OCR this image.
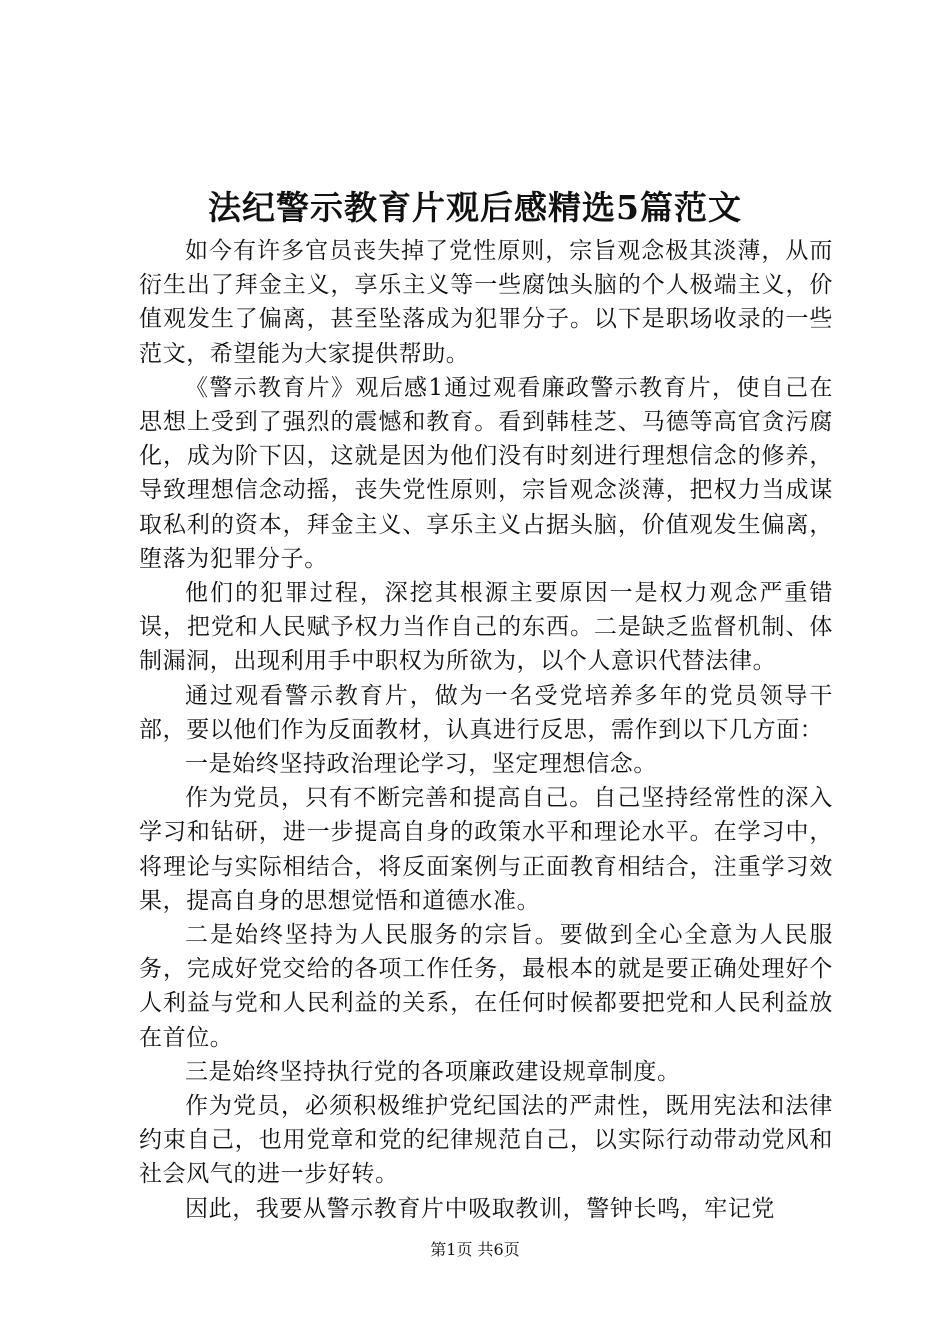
法纪警示教育片观后感精选5篇范文

如今有许多官员丧失掉了党性原则，宗旨观念极其淡薄，从而衍生出了拜金主义，享乐主义等一些腐蚀头脑的个人极端主义，价值观发生了偏离，甚至坠落成为犯罪分子。以下是职场收录的一些范文，希望能为大家提供帮助。

《警示教育片》观后感1通过观看廉政警示教育片，使自己在思想上受到了强烈的震憾和教育。看到韩桂芝、马德等高官贪污腐化，成为阶下囚，这就是因为他们没有时刻进行理想信念的修养，导致理想信念动摇，丧失党性原则，宗旨观念淡薄，把权力当成谋取私利的资本，拜金主义、享乐主义占据头脑，价值观发生偏离，堕落为犯罪分子。

他们的犯罪过程，深挖其根源主要原因一是权力观念严重错误，把党和人民赋予权力当作自己的东西。二是缺乏监督机制、体制漏洞，出现利用手中职权为所欲为，以个人意识代替法律。

通过观看警示教育片，做为一名受党培养多年的党员领导干部，要以他们作为反面教材，认真进行反思，需作到以下几方面：

一是始终坚持政治理论学习，坚定理想信念。

作为党员，只有不断完善和提高自己。自己坚持经常性的深入学习和钻研，进一步提高自身的政策水平和理论水平。在学习中，将理论与实际相结合，将反面案例与正面教育相结合，注重学习效果，提高自身的思想觉悟和道德水准。

二是始终坚持为人民服务的宗旨。要做到全心全意为人民服务，完成好党交给的各项工作任务，最根本的就是要正确处理好个人利益与党和人民利益的关系，在任何时候都要把党和人民利益放在首位。

三是始终坚持执行党的各项廉政建设规章制度。

作为党员，必须积极维护党纪国法的严肃性，既用宪法和法律约束自己，也用党章和党的纪律规范自己，以实际行动带动党风和社会风气的进一步好转。

因此，我要从警示教育片中吸取教训，警钟长鸣，牢记党

第1页 共6页
